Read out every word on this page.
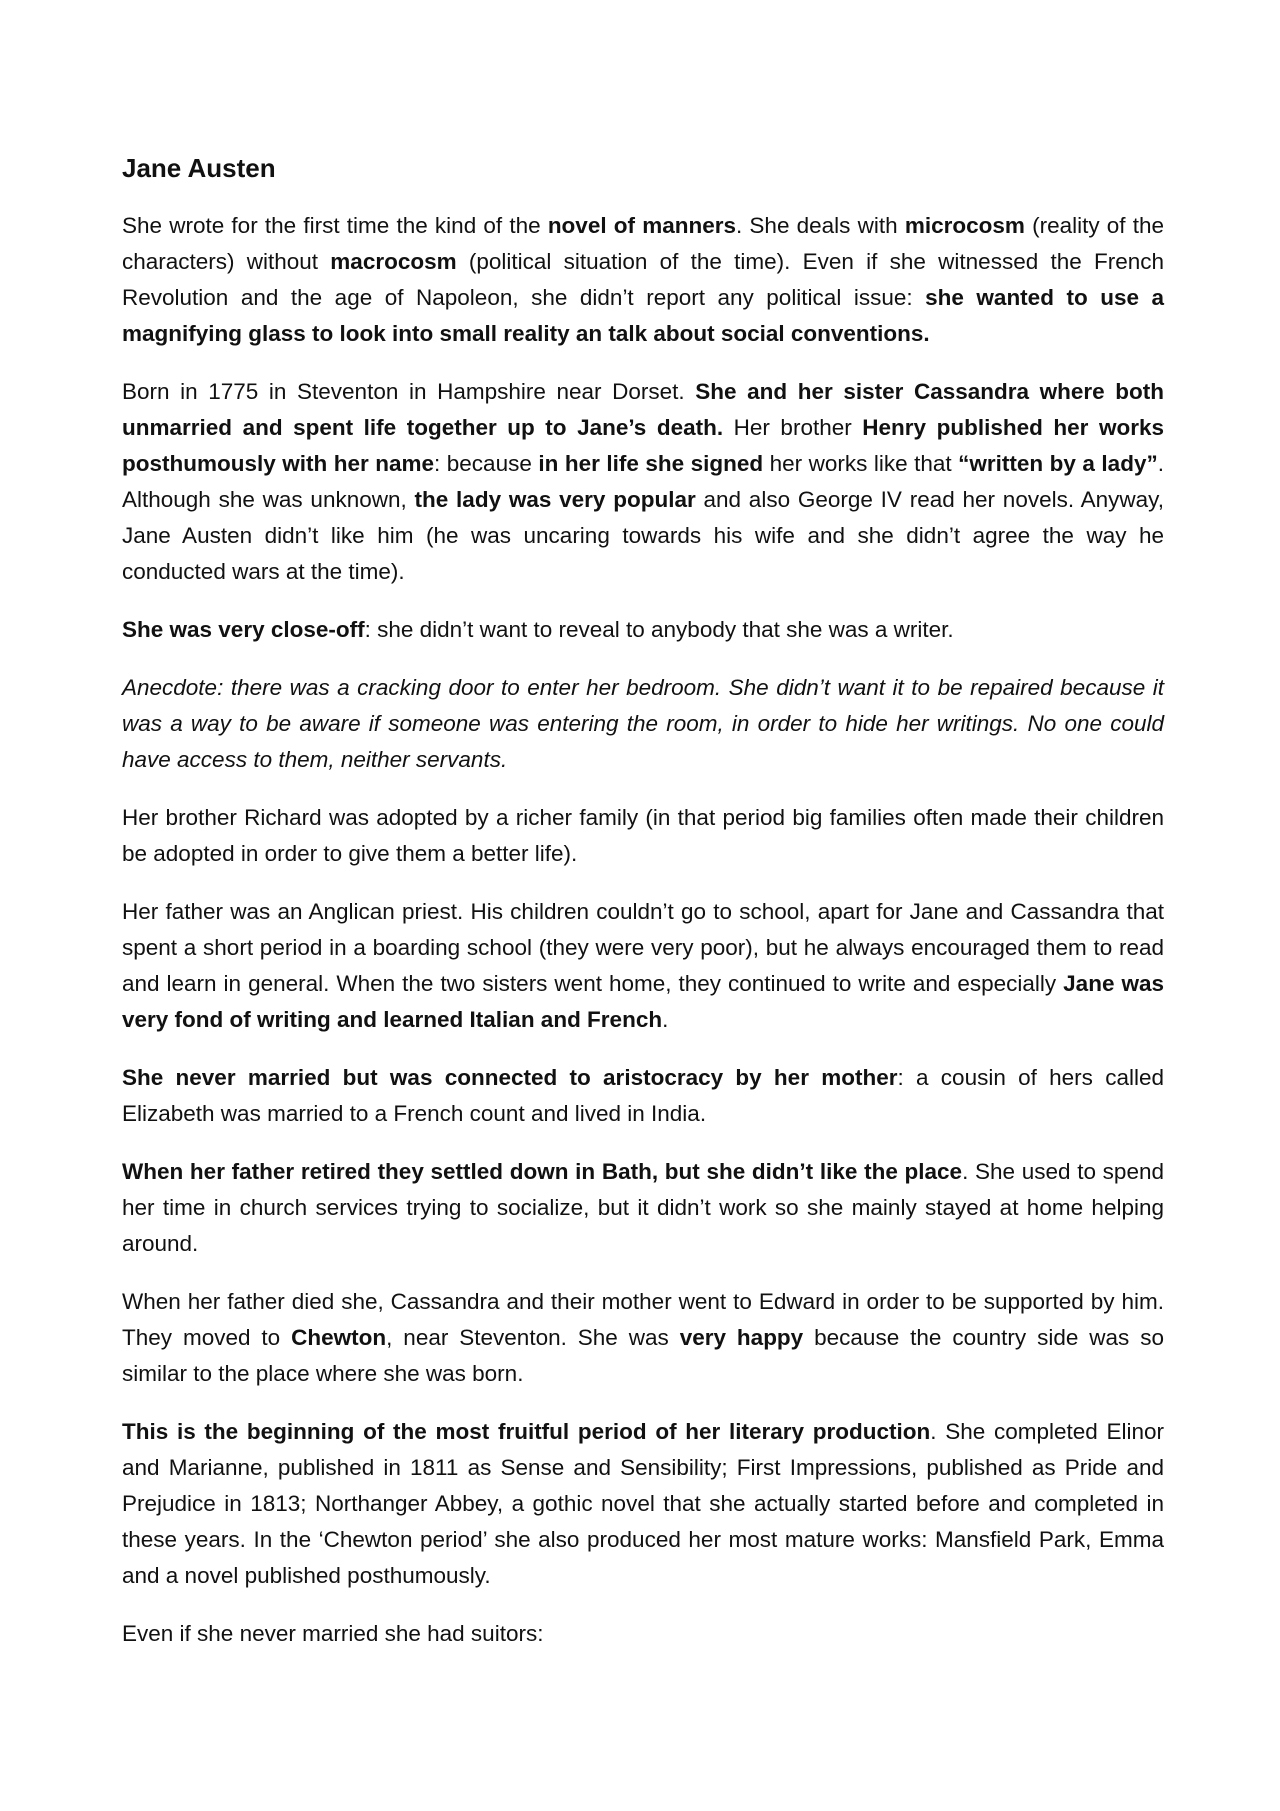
Jane Austen

She wrote for the first time the kind of the novel of manners. She deals with microcosm (reality of the characters) without macrocosm (political situation of the time). Even if she witnessed the French Revolution and the age of Napoleon, she didn’t report any political issue: she wanted to use a magnifying glass to look into small reality an talk about social conventions.

Born in 1775 in Steventon in Hampshire near Dorset. She and her sister Cassandra where both unmarried and spent life together up to Jane’s death. Her brother Henry published her works posthumously with her name: because in her life she signed her works like that “written by a lady”. Although she was unknown, the lady was very popular and also George IV read her novels. Anyway, Jane Austen didn’t like him (he was uncaring towards his wife and she didn’t agree the way he conducted wars at the time).

She was very close-off: she didn’t want to reveal to anybody that she was a writer.

Anecdote: there was a cracking door to enter her bedroom. She didn’t want it to be repaired because it was a way to be aware if someone was entering the room, in order to hide her writings. No one could have access to them, neither servants.

Her brother Richard was adopted by a richer family (in that period big families often made their children be adopted in order to give them a better life).

Her father was an Anglican priest. His children couldn’t go to school, apart for Jane and Cassandra that spent a short period in a boarding school (they were very poor), but he always encouraged them to read and learn in general. When the two sisters went home, they continued to write and especially Jane was very fond of writing and learned Italian and French.

She never married but was connected to aristocracy by her mother: a cousin of hers called Elizabeth was married to a French count and lived in India.

When her father retired they settled down in Bath, but she didn’t like the place. She used to spend her time in church services trying to socialize, but it didn’t work so she mainly stayed at home helping around.

When her father died she, Cassandra and their mother went to Edward in order to be supported by him. They moved to Chewton, near Steventon. She was very happy because the country side was so similar to the place where she was born.

This is the beginning of the most fruitful period of her literary production. She completed Elinor and Marianne, published in 1811 as Sense and Sensibility; First Impressions, published as Pride and Prejudice in 1813; Northanger Abbey, a gothic novel that she actually started before and completed in these years. In the ‘Chewton period’ she also produced her most mature works: Mansfield Park, Emma and a novel published posthumously.

Even if she never married she had suitors:
